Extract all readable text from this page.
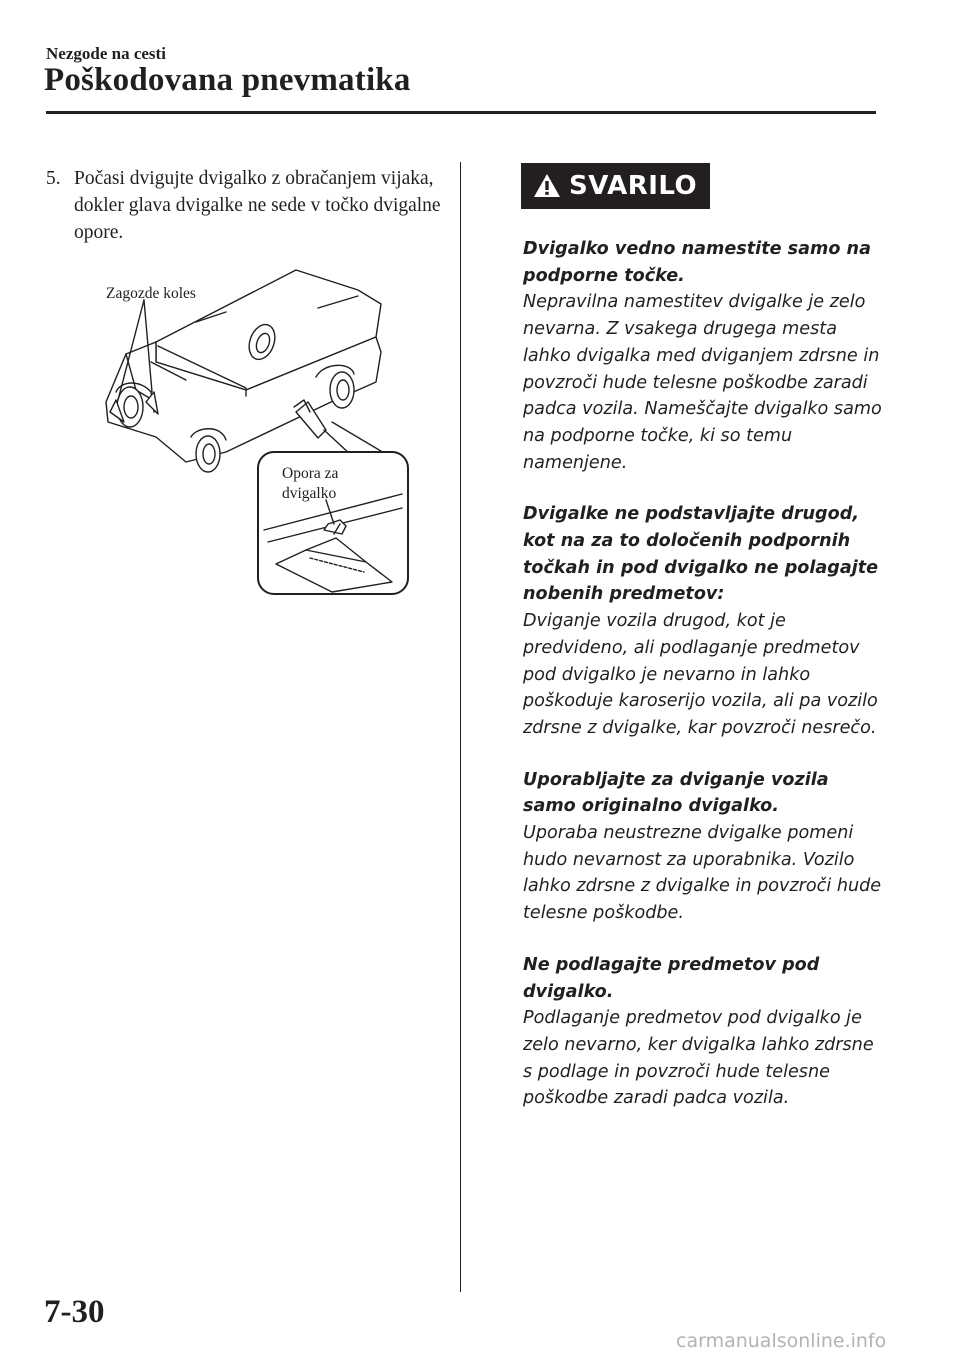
Nezgode na cesti
Poškodovana pnevmatika
5. Počasi dvigujte dvigalko z obračanjem vijaka, dokler glava dvigalke ne sede v točko dvigalne opore.
Zagozde koles
Opora za
dvigalko
SVARILO

Dvigalko vedno namestite samo na podporne točke.

Nepravilna namestitev dvigalke je zelo nevarna. Z vsakega drugega mesta lahko dvigalka med dviganjem zdrsne in povzroči hude telesne poškodbe zaradi padca vozila. Nameščajte dvigalko samo na podporne točke, ki so temu namenjene.

Dvigalke ne podstavljajte drugod, kot na za to določenih podpornih točkah in pod dvigalko ne polagajte nobenih predmetov:

Dviganje vozila drugod, kot je predvideno, ali podlaganje predmetov pod dvigalko je nevarno in lahko poškoduje karoserijo vozila, ali pa vozilo zdrsne z dvigalke, kar povzroči nesrečo.

Uporabljajte za dviganje vozila samo originalno dvigalko.

Uporaba neustrezne dvigalke pomeni hudo nevarnost za uporabnika. Vozilo lahko zdrsne z dvigalke in povzroči hude telesne poškodbe.

Ne podlagajte predmetov pod dvigalko.

Podlaganje predmetov pod dvigalko je zelo nevarno, ker dvigalka lahko zdrsne s podlage in povzroči hude telesne poškodbe zaradi padca vozila.

7-30
carmanualsonline.info
